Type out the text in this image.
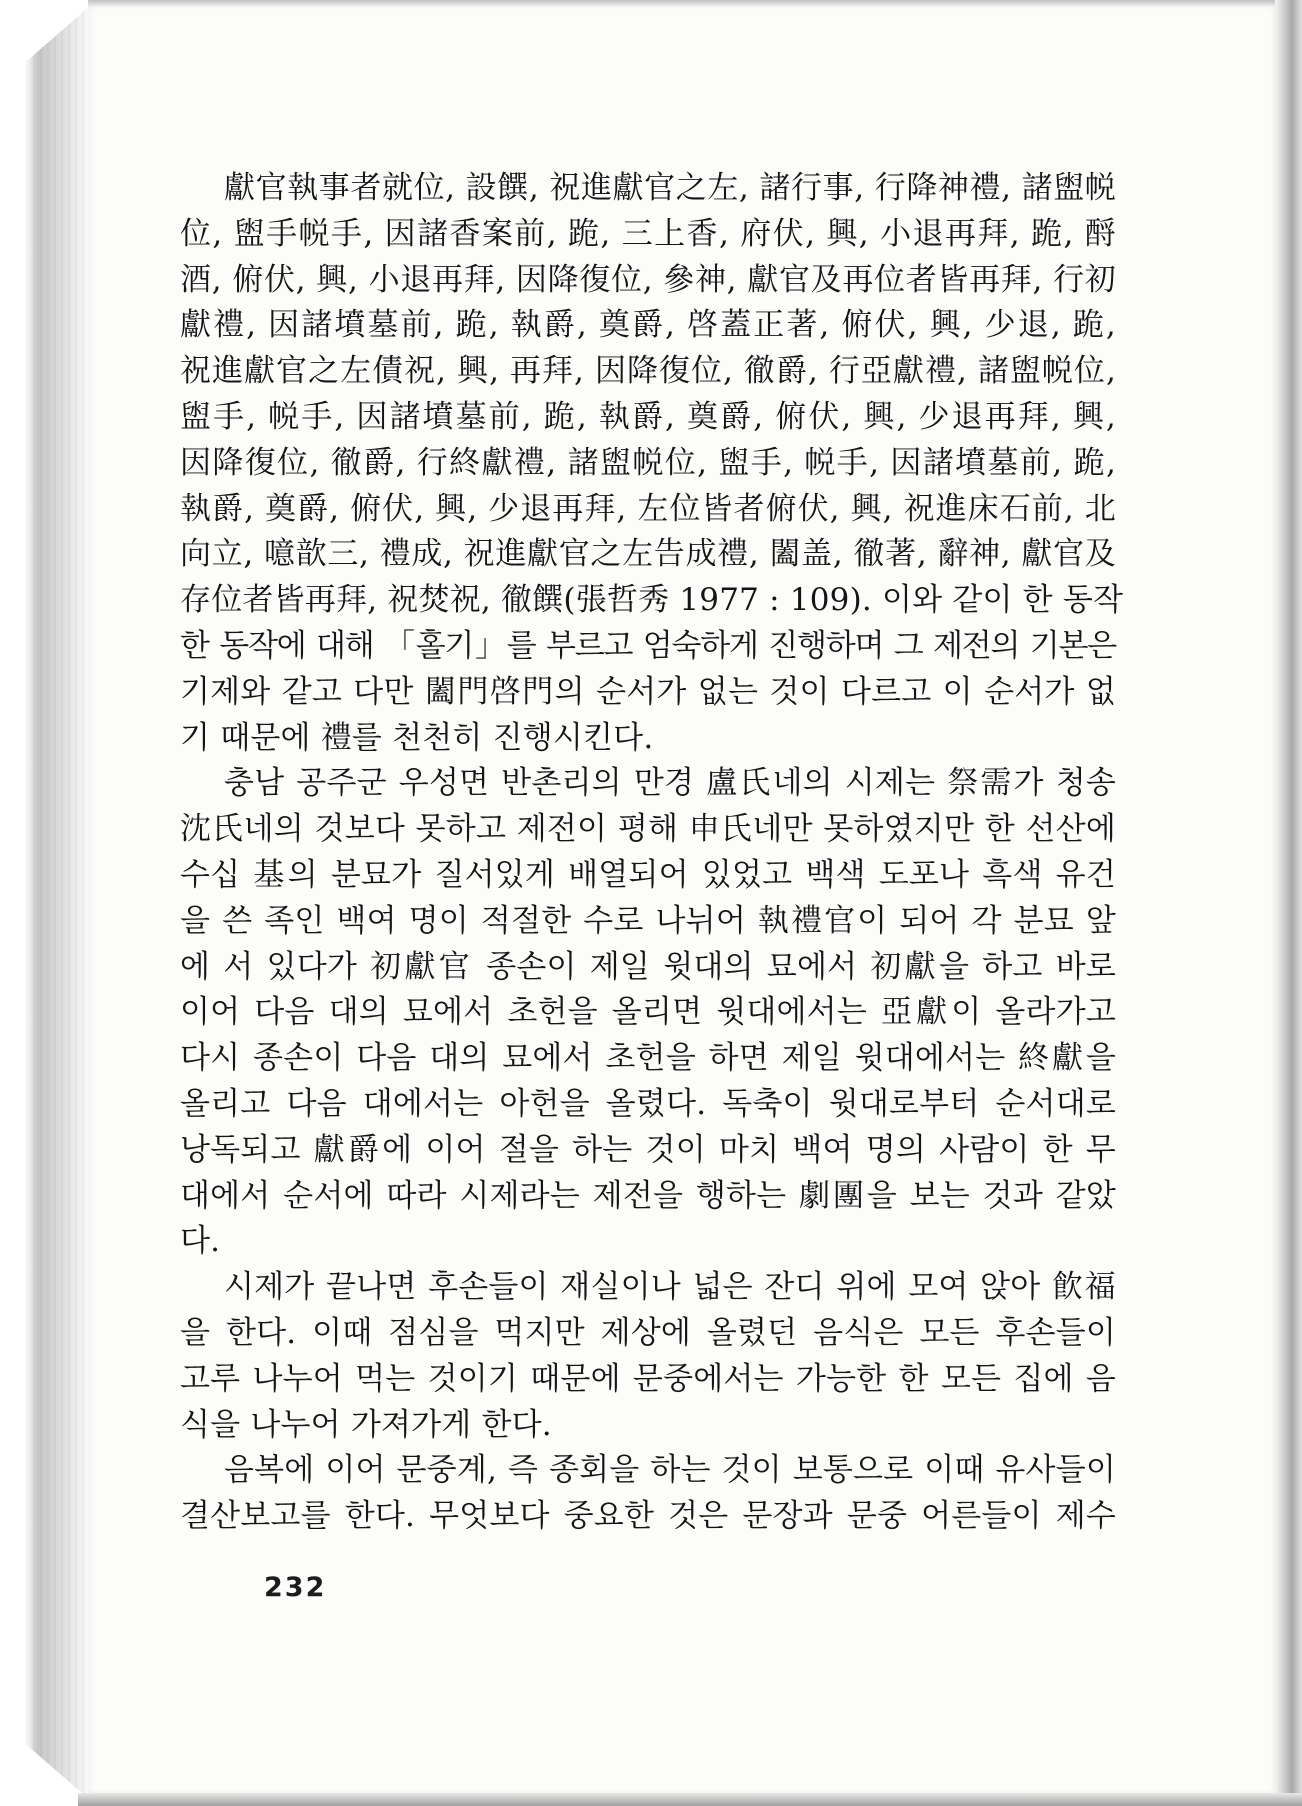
獻官執事者就位, 設饌, 祝進獻官之左, 諸行事, 行降神禮, 諸盥帨
位, 盥手帨手, 因諸香案前, 跪, 三上香, 府伏, 興, 小退再拜, 跪, 酹
酒, 俯伏, 興, 小退再拜, 因降復位, 參神, 獻官及再位者皆再拜, 行初
獻禮, 因諸墳墓前, 跪, 執爵, 奠爵, 啓蓋正著, 俯伏, 興, 少退, 跪,
祝進獻官之左債祝, 興, 再拜, 因降復位, 徹爵, 行亞獻禮, 諸盥帨位,
盥手, 帨手, 因諸墳墓前, 跪, 執爵, 奠爵, 俯伏, 興, 少退再拜, 興,
因降復位, 徹爵, 行終獻禮, 諸盥帨位, 盥手, 帨手, 因諸墳墓前, 跪,
執爵, 奠爵, 俯伏, 興, 少退再拜, 左位皆者俯伏, 興, 祝進床石前, 北
向立, 噫歆三, 禮成, 祝進獻官之左告成禮, 闔盖, 徹著, 辭神, 獻官及
存位者皆再拜, 祝焚祝, 徹饌(張哲秀 1977 : 109). 이와 같이 한 동작
한 동작에 대해 「홀기」를 부르고 엄숙하게 진행하며 그 제전의 기본은
기제와 같고 다만 闔門啓門의 순서가 없는 것이 다르고 이 순서가 없
기 때문에 禮를 천천히 진행시킨다.
충남 공주군 우성면 반촌리의 만경 盧氏네의 시제는 祭需가 청송
沈氏네의 것보다 못하고 제전이 평해 申氏네만 못하였지만 한 선산에
수십 基의 분묘가 질서있게 배열되어 있었고 백색 도포나 흑색 유건
을 쓴 족인 백여 명이 적절한 수로 나뉘어 執禮官이 되어 각 분묘 앞
에 서 있다가 初獻官 종손이 제일 윗대의 묘에서 初獻을 하고 바로
이어 다음 대의 묘에서 초헌을 올리면 윗대에서는 亞獻이 올라가고
다시 종손이 다음 대의 묘에서 초헌을 하면 제일 윗대에서는 終獻을
올리고 다음 대에서는 아헌을 올렸다. 독축이 윗대로부터 순서대로
낭독되고 獻爵에 이어 절을 하는 것이 마치 백여 명의 사람이 한 무
대에서 순서에 따라 시제라는 제전을 행하는 劇團을 보는 것과 같았
다.
시제가 끝나면 후손들이 재실이나 넓은 잔디 위에 모여 앉아 飮福
을 한다. 이때 점심을 먹지만 제상에 올렸던 음식은 모든 후손들이
고루 나누어 먹는 것이기 때문에 문중에서는 가능한 한 모든 집에 음
식을 나누어 가져가게 한다.
음복에 이어 문중계, 즉 종회을 하는 것이 보통으로 이때 유사들이
결산보고를 한다. 무엇보다 중요한 것은 문장과 문중 어른들이 제수
232
